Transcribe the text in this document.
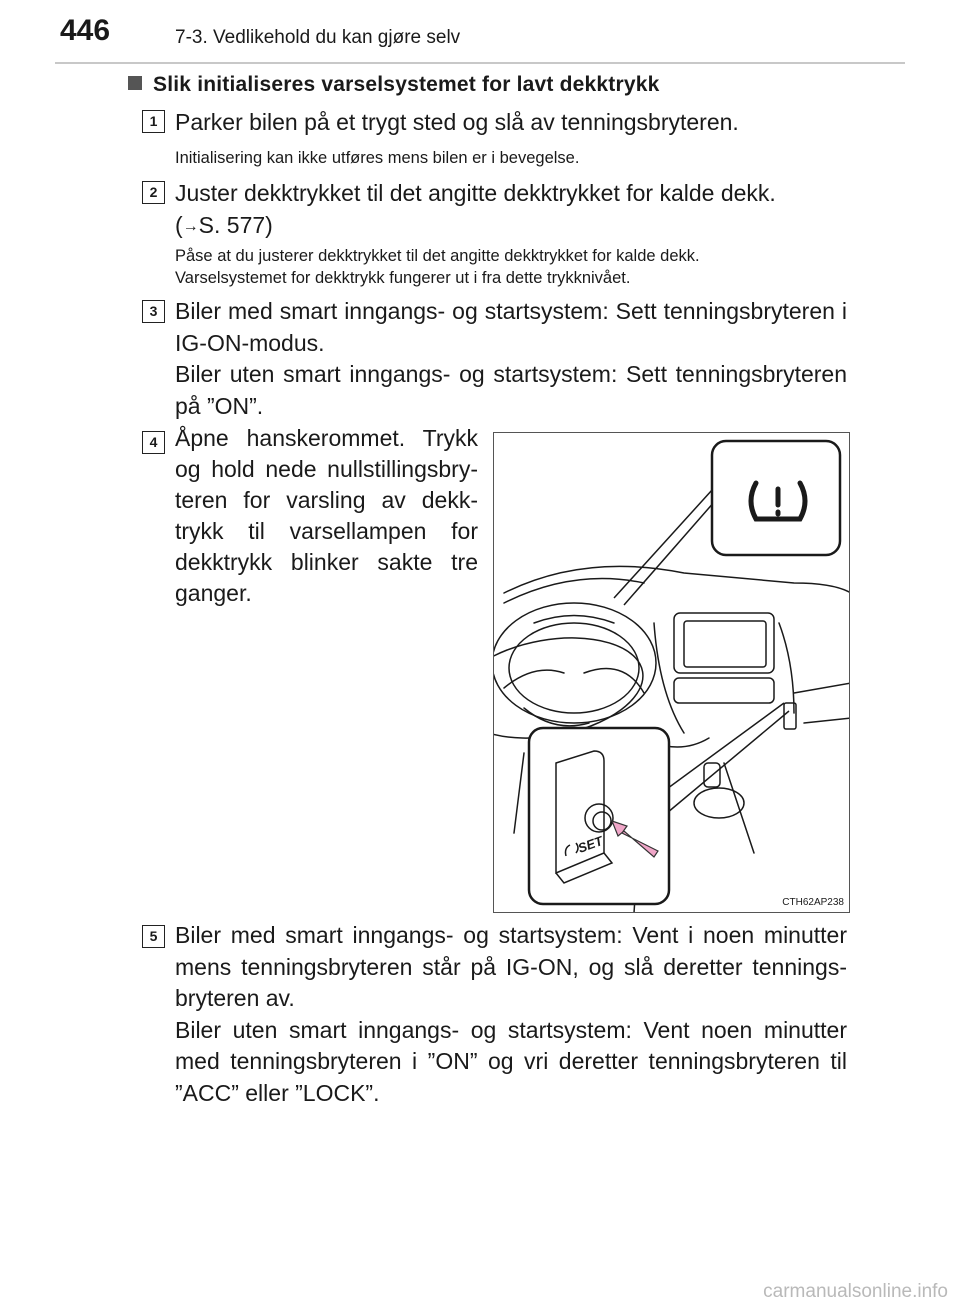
446	7-3. Vedlikehold du kan gjøre selv
Slik initialiseres varselsystemet for lavt dekktrykk
1 Parker bilen på et trygt sted og slå av tenningsbryteren.
Initialisering kan ikke utføres mens bilen er i bevegelse.
2 Juster dekktrykket til det angitte dekktrykket for kalde dekk.
(→S. 577)
Påse at du justerer dekktrykket til det angitte dekktrykket for kalde dekk.
Varselsystemet for dekktrykk fungerer ut i fra dette trykknivået.
3 Biler med smart inngangs- og startsystem: Sett tenningsbryteren i IG-ON-modus.
Biler uten smart inngangs- og startsystem: Sett tenningsbryteren på ”ON”.
4 Åpne hanskerommet. Trykk og hold nede nullstillingsbry-teren for varsling av dekk-trykk til varsellampen for dekktrykk blinker sakte tre ganger.
SET
CTH62AP238
5 Biler med smart inngangs- og startsystem: Vent i noen minutter mens tenningsbryteren står på IG-ON, og slå deretter tennings-bryteren av.
Biler uten smart inngangs- og startsystem: Vent noen minutter med tenningsbryteren i ”ON” og vri deretter tenningsbryteren til ”ACC” eller ”LOCK”.
carmanualsonline.info
